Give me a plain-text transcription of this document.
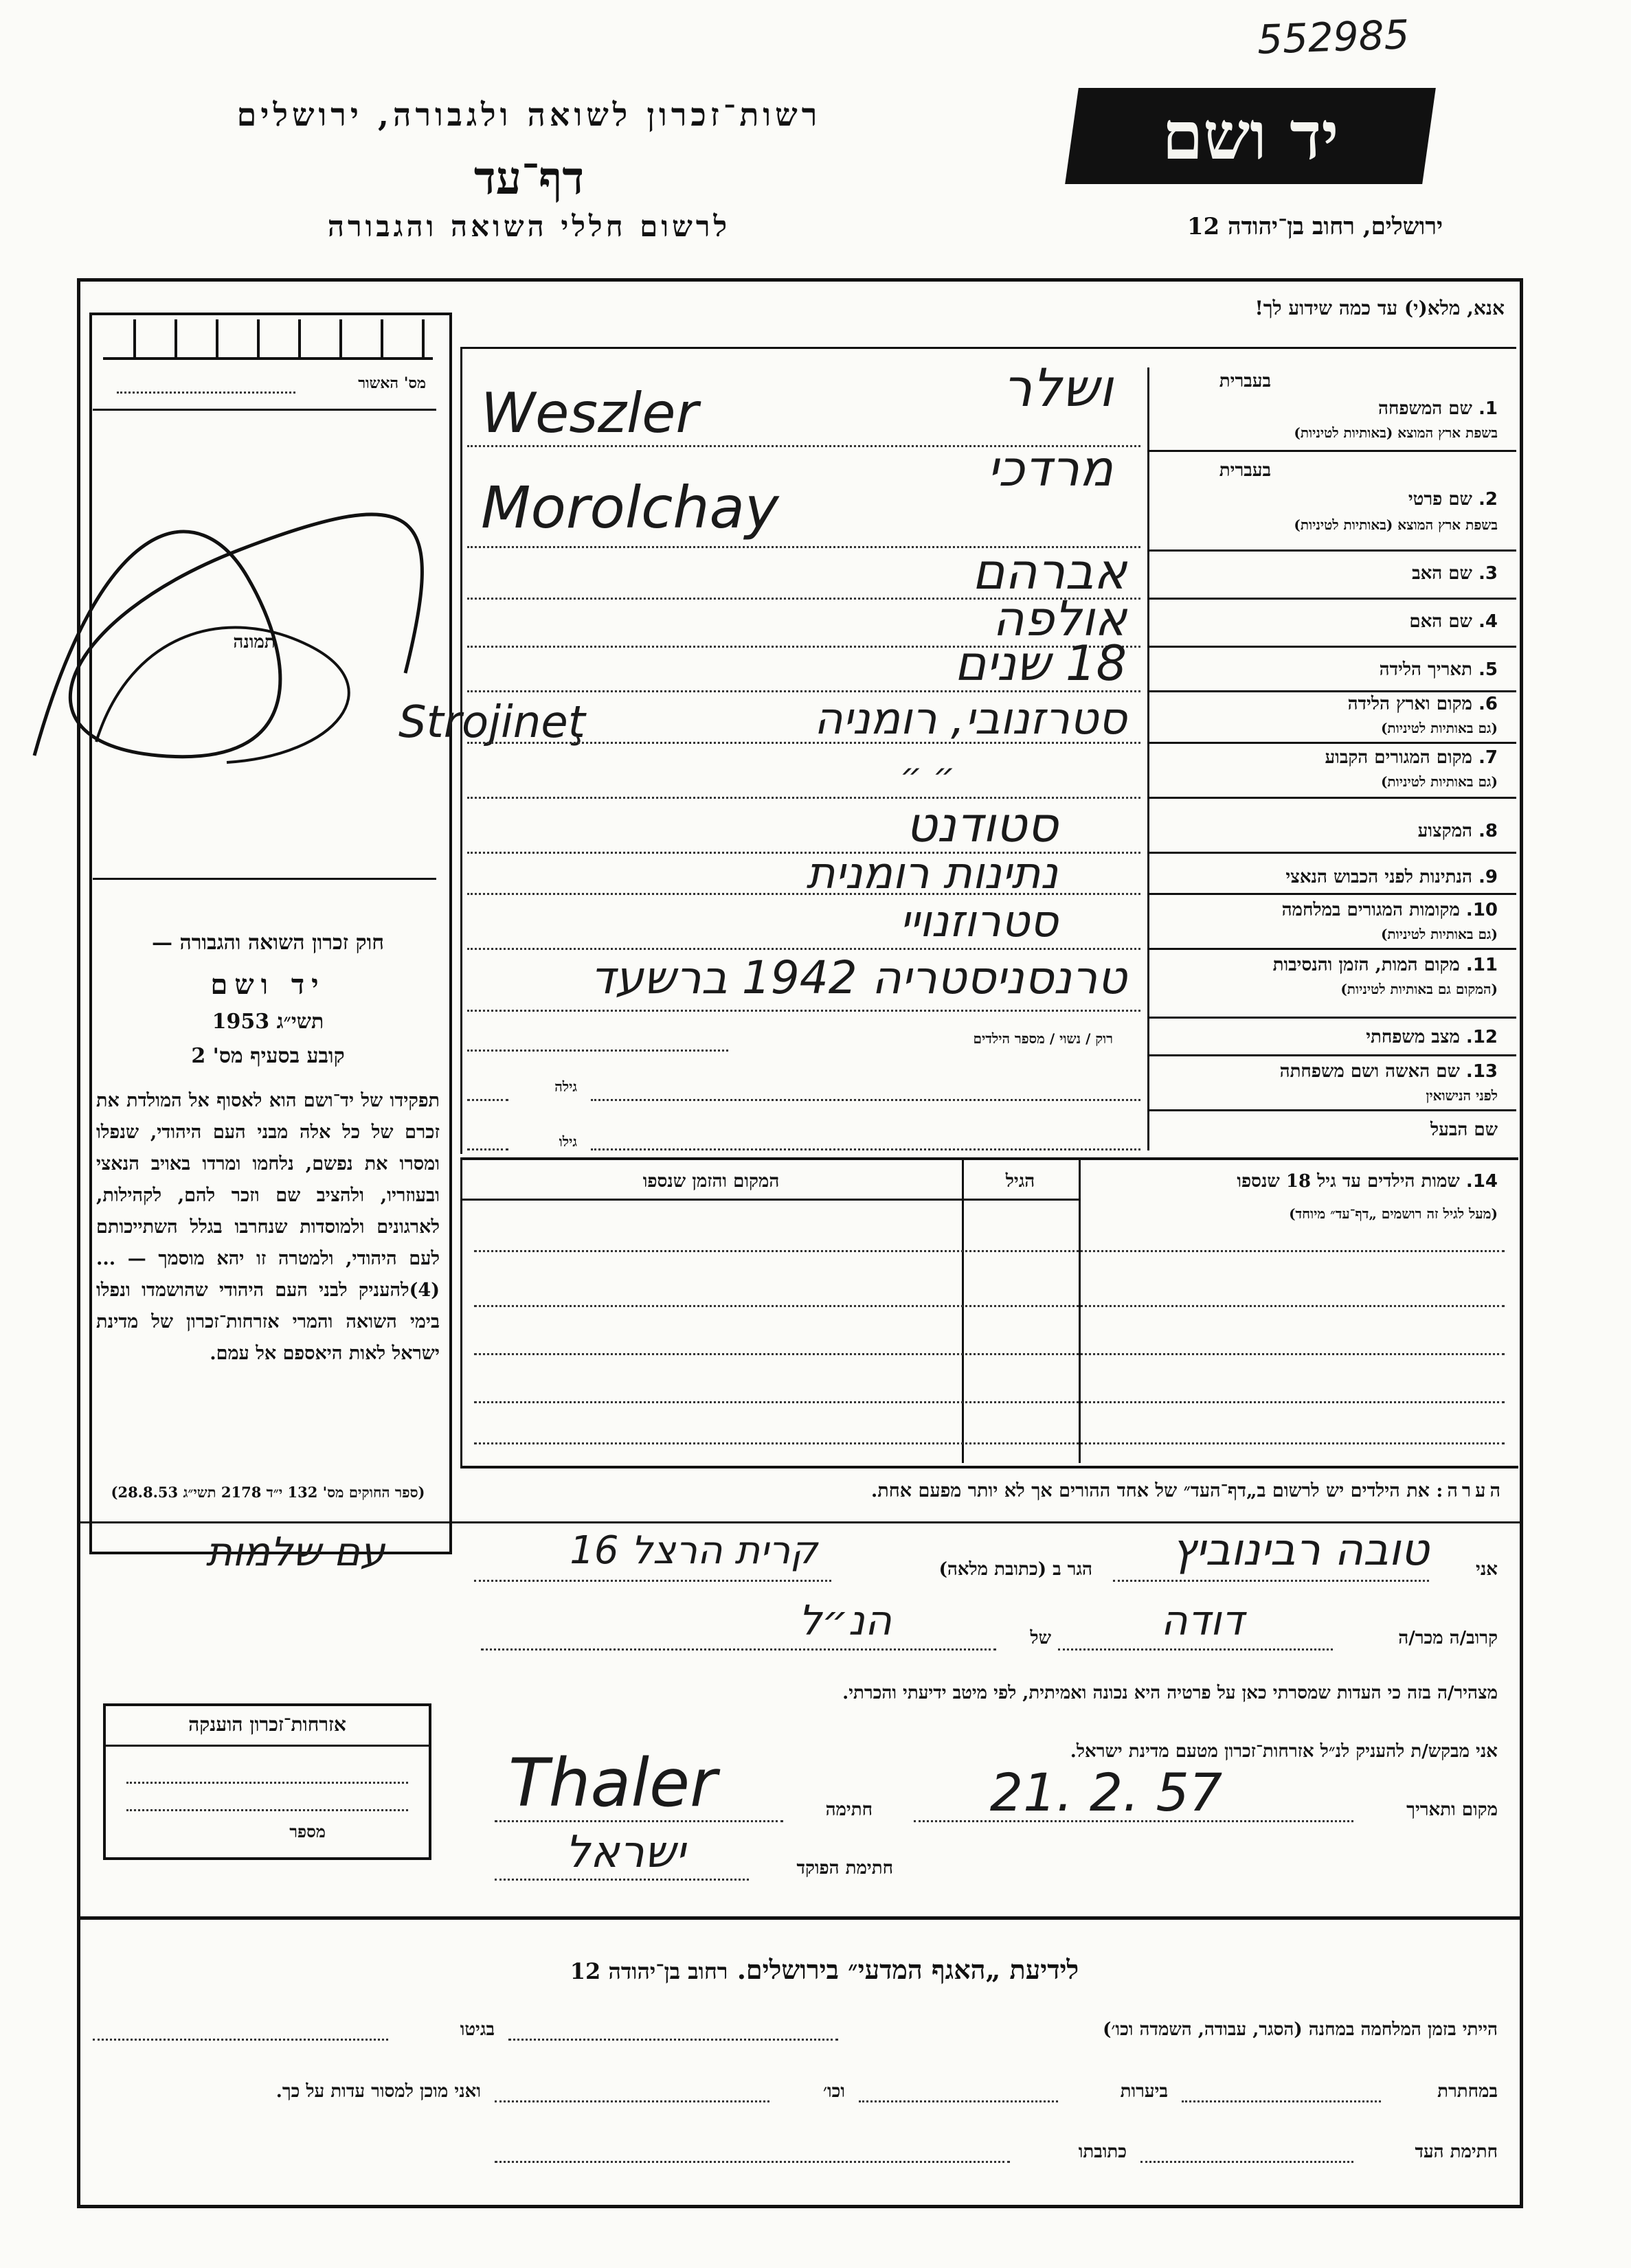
552985
רשות־זכרון לשואה ולגבורה, ירושלים
דף־עד
לרשום חללי השואה והגבורה
יד ושם
ירושלים, רחוב בן־יהודה 12
אנא, מלא(י) עד כמה שידוע לך!
מס' האשור
תמונה
חוק זכרון השואה והגבורה —
יד ושם
תשי״ג 1953
קובע בסעיף מס' 2
תפקידו של יד־ושם הוא לאסוף אל המולדת את זכרם של כל אלה מבני העם היהודי, שנפלו ומסרו את נפשם, נלחמו ומרדו באויב הנאצי ובעוזריו, ולהציב שם וזכר להם, לקהילות, לארגונים ולמוסדות שנחרבו בגלל השתייכותם לעם היהודי, ולמטרה זו יהא מוסמך — ...(4)להעניק לבני העם היהודי שהושמדו ונפלו בימי השואה והמרי אזרחות־זכרון של מדינת ישראל לאות היאספם אל עמם.
(ספר החוקים מס' 132 י״ד 2178 תשי״ג 28.8.53)
אזרחות־זכרון הוענקה
מספר
בעברית
1. שם המשפחה
בשפת ארץ המוצא (באותיות לטיניות)
ושלר
Weszler
בעברית
2. שם פרטי
בשפת ארץ המוצא (באותיות לטיניות)
מרדכי
Morolchay
3. שם האב
אברהם
4. שם האם
אולפה
5. תאריך הלידה
18 שנים
6. מקום וארץ הלידה
(גם באותיות לטיניות)
סטרזנובי, רומניה
Strojineţ
7. מקום המגורים הקבוע
(גם באותיות לטיניות)
״ ״
8. המקצוע
סטודנט
9. הנתינות לפני הכבוש הנאצי
נתינות רומנית
10. מקומות המגורים במלחמה
(גם באותיות לטיניות)
סטרוזנויי
11. מקום המות, הזמן והנסיבות
(המקום גם באותיות לטיניות)
טרנסניסטריה 1942 ברשעד
12. מצב משפחתי
רוק / נשוי / מספר הילדים
13. שם האשה ושם משפחתה
לפני הנישואין
גילה
שם הבעל
גילו
14. שמות הילדים עד גיל 18 שנספו
(מעל לגיל זה רושמים „דף־עד״ מיוחד)
הגיל
המקום והזמן שנספו
הערה: את הילדים יש לרשום ב„דף־העד״ של אחד ההורים אך לא יותר מפעם אחת.
אני
טובה רבינוביץ
הגר ב (כתובת מלאה)
קרית הרצל 16
קרוב/ה מכר/ה
דודה
של
הנ״ל
עם שלמות
מצהיר/ה בזה כי העדות שמסרתי כאן על פרטיה היא נכונה ואמיתית, לפי מיטב ידיעתי והכרתי.
אני מבקש/ת להעניק לנ״ל אזרחות־זכרון מטעם מדינת ישראל.
מקום ותאריך
21. 2. 57
חתימה
Thaler
חתימת הפוקד
ישראל
לידיעת „האגף המדעי״ בירושלים. רחוב בן־יהודה 12
הייתי בזמן המלחמה במחנה (הסגר, עבודה, השמדה וכו׳)
בגיטו
במחתרת
ביערות
וכו׳
ואני מוכן למסור עדות על כך.
חתימת העד
כתובתו
